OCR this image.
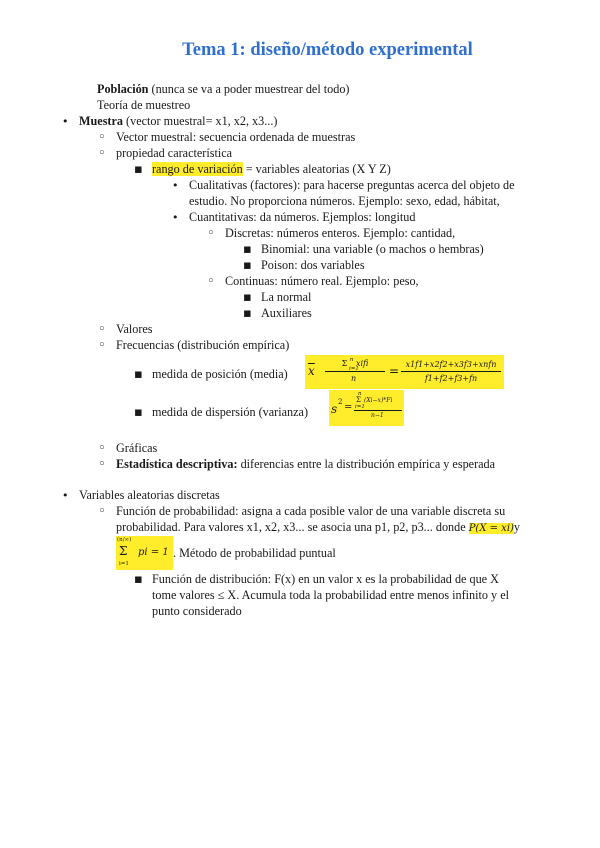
Tema 1: diseño/método experimental
Población (nunca se va a poder muestrear del todo)
Teoría de muestreo
•
Muestra (vector muestral= x1, x2, x3...)
◦
Vector muestral: secuencia ordenada de muestras
◦
propiedad característica
▪
rango de variación = variables aleatorias (X Y Z)
•
Cualitativas (factores): para hacerse preguntas acerca del objeto de
estudio. No proporciona números. Ejemplo: sexo, edad, hábitat,
•
Cuantitativas: da números. Ejemplos: longitud
◦
Discretas: números enteros. Ejemplo: cantidad,
▪
Binomial: una variable (o machos o hembras)
▪
Poison: dos variables
◦
Continuas: número real. Ejemplo: peso,
▪
La normal
▪
Auxiliares
◦
Valores
◦
Frecuencias (distribución empírica)
▪
medida de posición (media) $\overline{x}$
Σ $^n$ xifi
i=1
n
= x1f1+x2f2+x3f3+xnfn
f1+f2+f3+fn
▪
medida de dispersión (varianza) s 2 =
n
Σ
i=1
(Xi−x)*Fi
n−1
◦
Gráficas
◦
Estadística descriptiva: diferencias entre la distribución empírica y esperada
•
Variables aleatorias discretas
◦
Función de probabilidad: asigna a cada posible valor de una variable discreta su
probabilidad. Para valores x1, x2, x3... se asocia una p1, p2, p3... donde P(X = xi)y
(n/∞)
Σ
i=1
pi = 1 . Método de probabilidad puntual
▪
Función de distribución: F(x) en un valor x es la probabilidad de que X
tome valores ≤ X. Acumula toda la probabilidad entre menos infinito y el
punto considerado
